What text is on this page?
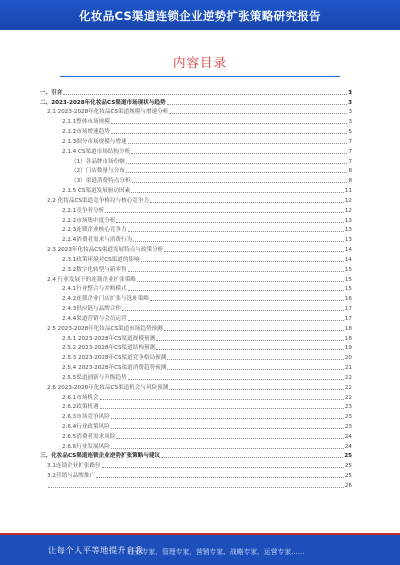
化妆品CS渠道连锁企业逆势扩张策略研究报告
内容目录
一、引言	3
二、2023-2028年化妆品CS渠道市场现状与趋势	3
2.1 2023-2028年化妆品CS渠道规模与增速分析	3
2.1.1整体市场规模	3
2.1.2市场增速趋势	5
2.1.3细分市场规模与增速	7
2.1.4 CS渠道市场结构分析	7
（1）各品牌市场份额	7
（2）门店数量与分布	8
（3）渠道消费特点分析	8
2.1.5 CS渠道发展驱动因素	11
2.2 化妆品CS渠道竞争格局与核心竞争力	12
2.2.1竞争者分析	12
2.2.2市场集中度分析	13
2.2.3连锁企业核心竞争力	13
2.2.4消费者需求与消费行为	13
2.3 2023年化妆品CS渠道发展特点与政策分析	14
2.3.1政策环境对CS渠道的影响	14
2.3.2数字化转型与新零售	15
2.4 行业发展下的连锁企业扩张策略	15
2.4.1行业整合与并购模式	15
2.4.2连锁企业门店扩张与选址策略	16
2.4.3供应链与品牌合作	17
2.4.4渠道营销与会员运营	17
2.5 2023-2028年化妆品CS渠道市场趋势预测	18
2.5.1 2023-2028年CS渠道规模预测	18
2.5.2 2023-2028年CS渠道结构预测	19
2.5.3 2023-2028年CS渠道竞争格局预测	20
2.5.4 2023-2028年CS渠道消费趋势预测	21
2.5.5渠道创新与升级趋势	22
2.6 2023-2028年化妆品CS渠道机会与风险预测	22
2.6.1市场机会	22
2.6.2政策机遇	23
2.6.3市场竞争风险	23
2.6.4行业政策风险	23
2.6.5消费者需求风险	24
2.6.6行业发展风险	24
三、化妆品CS渠道连锁企业逆势扩张策略与建议	25
3.1连锁企业扩张路径	25
3.2营销与品牌推广	25
26
让每个人平等地提升自我
行业专家、管理专家、营销专家、战略专家、运营专家……
